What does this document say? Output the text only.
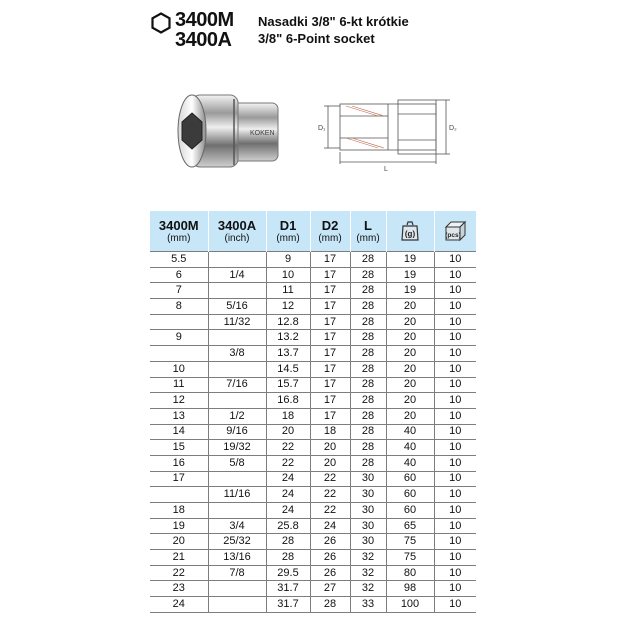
3400M
3400A
Nasadki 3/8" 6-kt krótkie
3/8" 6-Point socket
KOKEN
D₁	D₂
L
3400M
(mm)	3400A
(inch)	D1
(mm)	D2
(mm)	L
(mm)	(g)	(pcs)

5.5		9	17	28	19	10
6	1/4	10	17	28	19	10
7		11	17	28	19	10
8	5/16	12	17	28	20	10
	11/32	12.8	17	28	20	10
9		13.2	17	28	20	10
	3/8	13.7	17	28	20	10
10		14.5	17	28	20	10
11	7/16	15.7	17	28	20	10
12		16.8	17	28	20	10
13	1/2	18	17	28	20	10
14	9/16	20	18	28	40	10
15	19/32	22	20	28	40	10
16	5/8	22	20	28	40	10
17		24	22	30	60	10
	11/16	24	22	30	60	10
18		24	22	30	60	10
19	3/4	25.8	24	30	65	10
20	25/32	28	26	30	75	10
21	13/16	28	26	32	75	10
22	7/8	29.5	26	32	80	10
23		31.7	27	32	98	10
24		31.7	28	33	100	10
